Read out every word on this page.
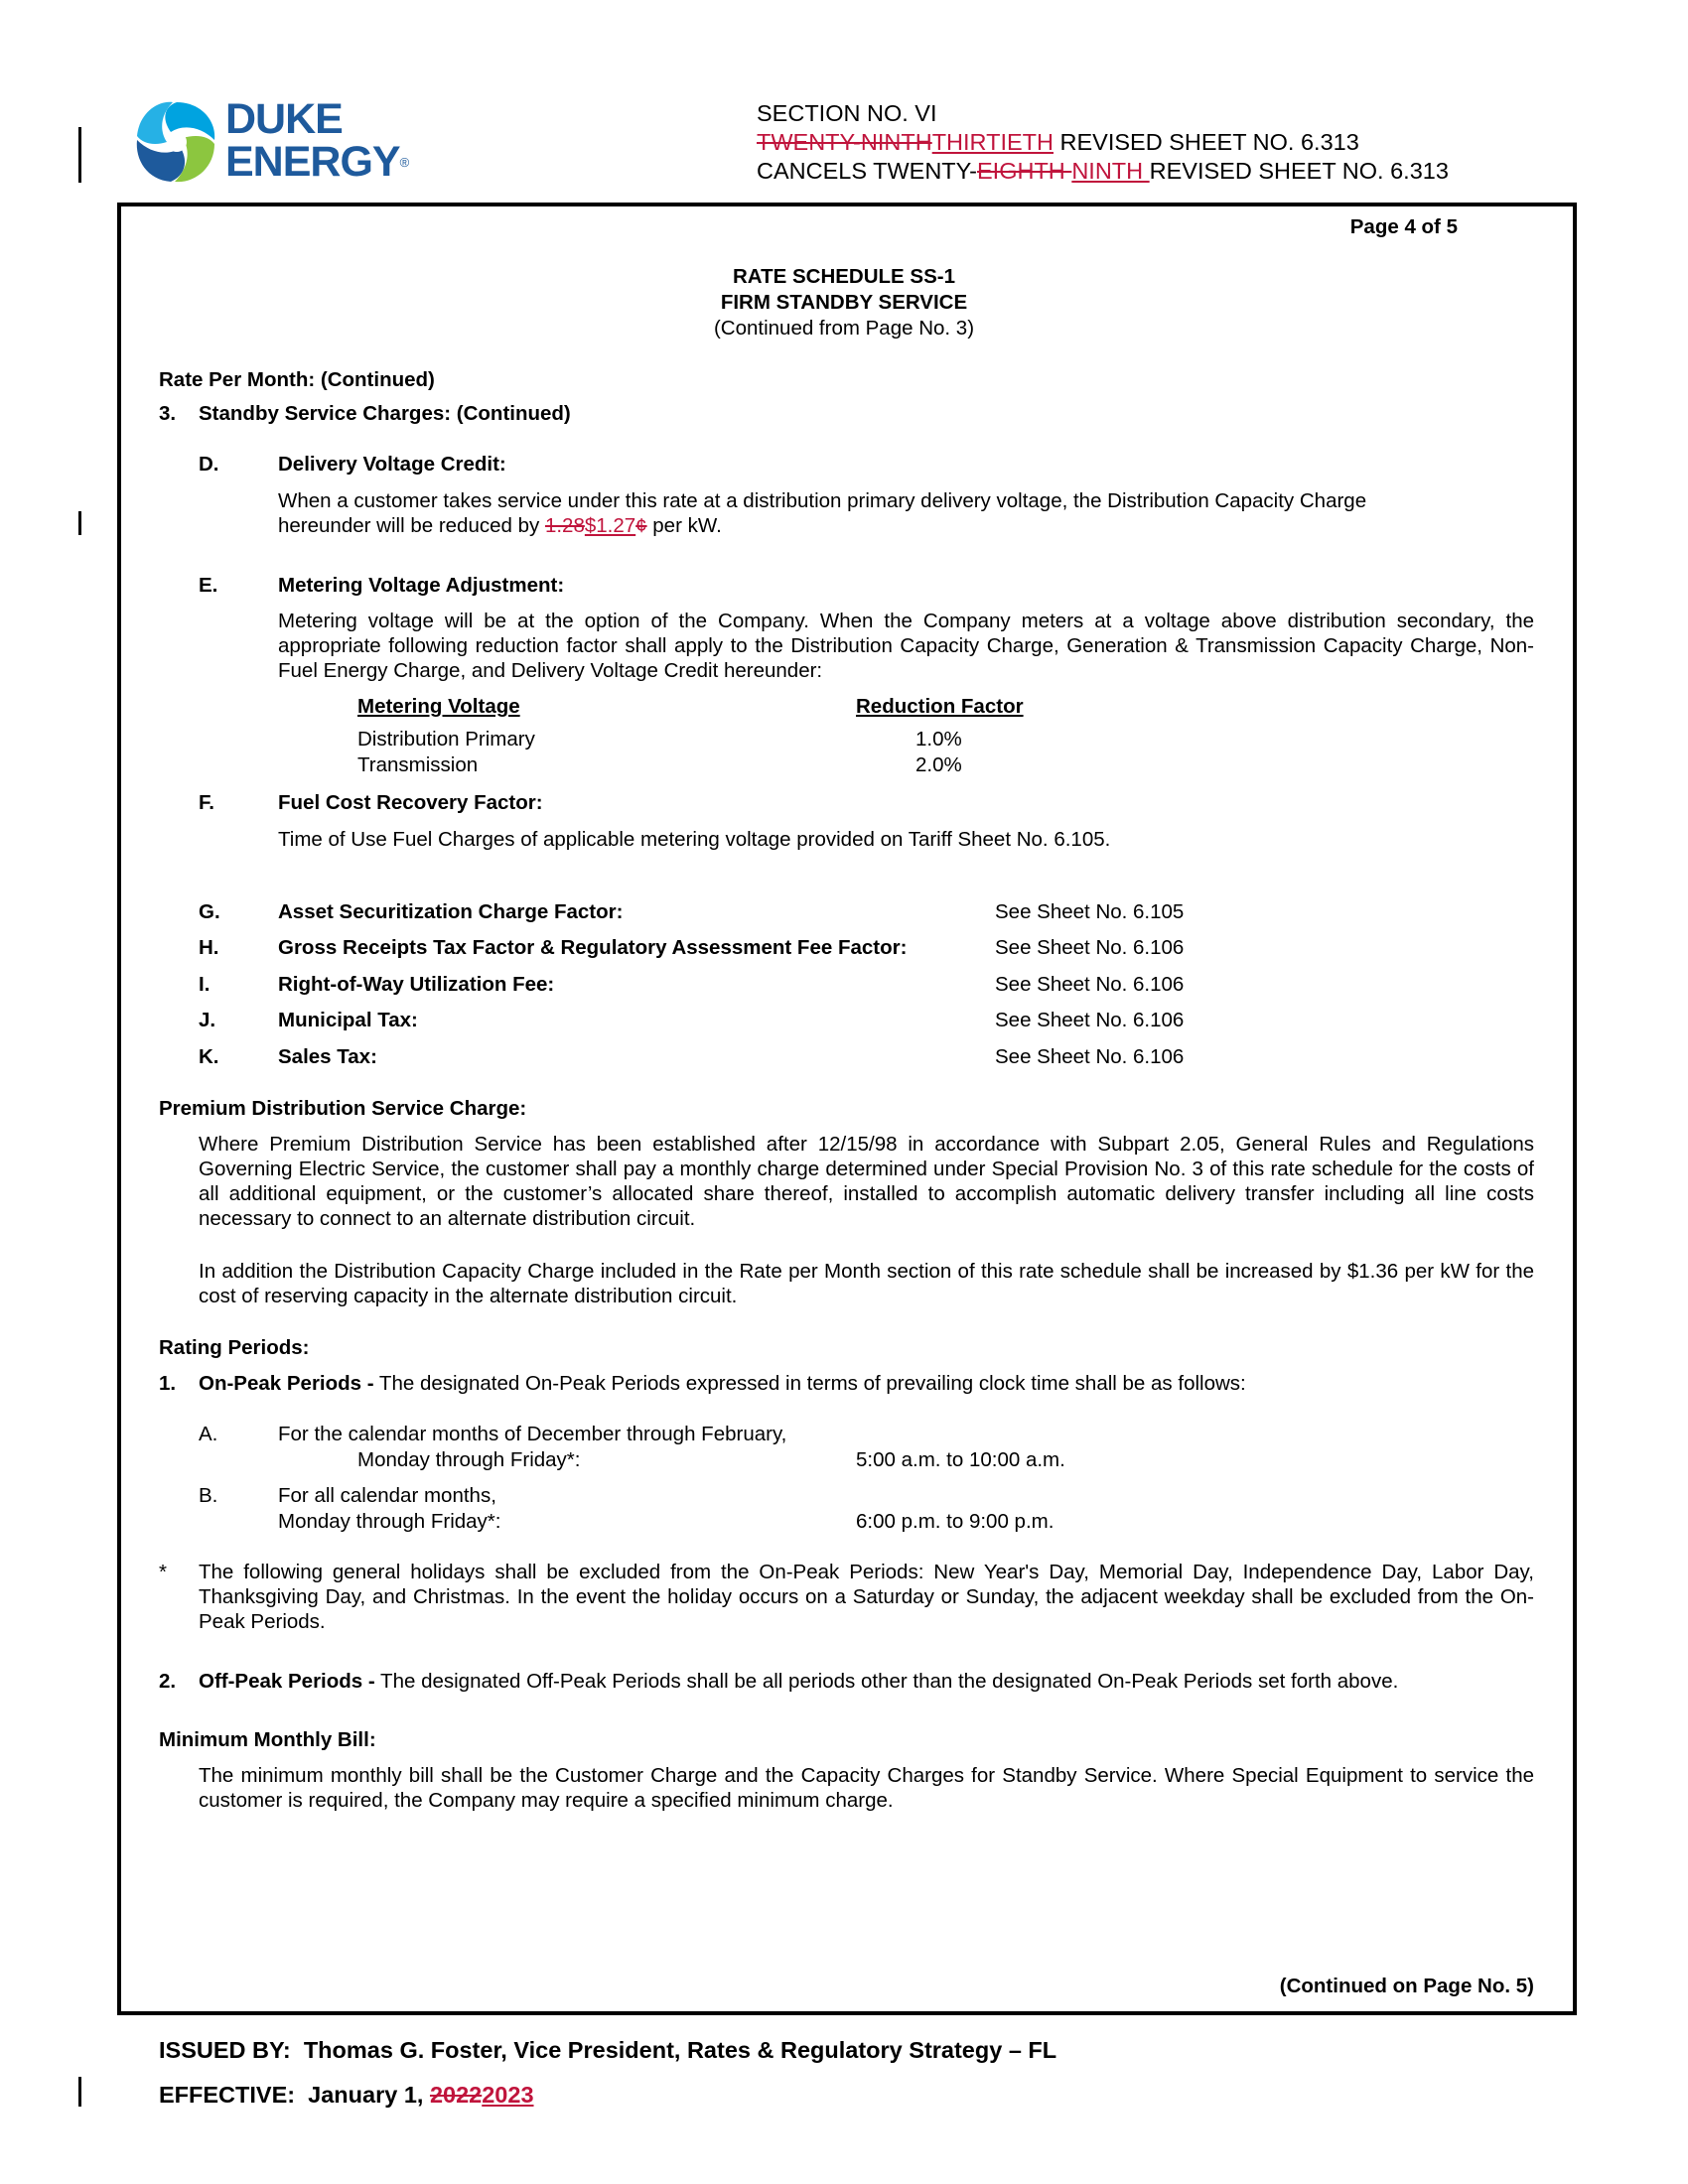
DUKE
ENERGY®
SECTION NO. VI
TWENTY-NINTHTHIRTIETH REVISED SHEET NO. 6.313
CANCELS TWENTY-EIGHTH NINTH REVISED SHEET NO. 6.313
Page 4 of 5
RATE SCHEDULE SS-1
FIRM STANDBY SERVICE
(Continued from Page No. 3)
Rate Per Month: (Continued)
3. Standby Service Charges: (Continued)
D.	Delivery Voltage Credit:
When a customer takes service under this rate at a distribution primary delivery voltage, the Distribution Capacity Charge
hereunder will be reduced by 1.28$1.27¢ per kW.
E.	Metering Voltage Adjustment:
Metering voltage will be at the option of the Company. When the Company meters at a voltage above distribution secondary, the appropriate following reduction factor shall apply to the Distribution Capacity Charge, Generation & Transmission Capacity Charge, Non-Fuel Energy Charge, and Delivery Voltage Credit hereunder:
Metering Voltage	Reduction Factor
Distribution Primary	1.0%
Transmission	2.0%
F.	Fuel Cost Recovery Factor:
Time of Use Fuel Charges of applicable metering voltage provided on Tariff Sheet No. 6.105.
G.	Asset Securitization Charge Factor:	See Sheet No. 6.105
H.	Gross Receipts Tax Factor & Regulatory Assessment Fee Factor:	See Sheet No. 6.106
I.	Right-of-Way Utilization Fee:	See Sheet No. 6.106
J.	Municipal Tax:	See Sheet No. 6.106
K.	Sales Tax:	See Sheet No. 6.106
Premium Distribution Service Charge:
Where Premium Distribution Service has been established after 12/15/98 in accordance with Subpart 2.05, General Rules and Regulations Governing Electric Service, the customer shall pay a monthly charge determined under Special Provision No. 3 of this rate schedule for the costs of all additional equipment, or the customer’s allocated share thereof, installed to accomplish automatic delivery transfer including all line costs necessary to connect to an alternate distribution circuit.
In addition the Distribution Capacity Charge included in the Rate per Month section of this rate schedule shall be increased by $1.36 per kW for the cost of reserving capacity in the alternate distribution circuit.
Rating Periods:
1. On-Peak Periods - The designated On-Peak Periods expressed in terms of prevailing clock time shall be as follows:
A.	For the calendar months of December through February,
Monday through Friday*:	5:00 a.m. to 10:00 a.m.
B.	For all calendar months,
Monday through Friday*:	6:00 p.m. to 9:00 p.m.
* The following general holidays shall be excluded from the On-Peak Periods: New Year's Day, Memorial Day, Independence Day, Labor Day, Thanksgiving Day, and Christmas. In the event the holiday occurs on a Saturday or Sunday, the adjacent weekday shall be excluded from the On-Peak Periods.
2. Off-Peak Periods - The designated Off-Peak Periods shall be all periods other than the designated On-Peak Periods set forth above.
Minimum Monthly Bill:
The minimum monthly bill shall be the Customer Charge and the Capacity Charges for Standby Service. Where Special Equipment to service the customer is required, the Company may require a specified minimum charge.
(Continued on Page No. 5)
ISSUED BY: Thomas G. Foster, Vice President, Rates & Regulatory Strategy – FL
EFFECTIVE: January 1, 20222023
